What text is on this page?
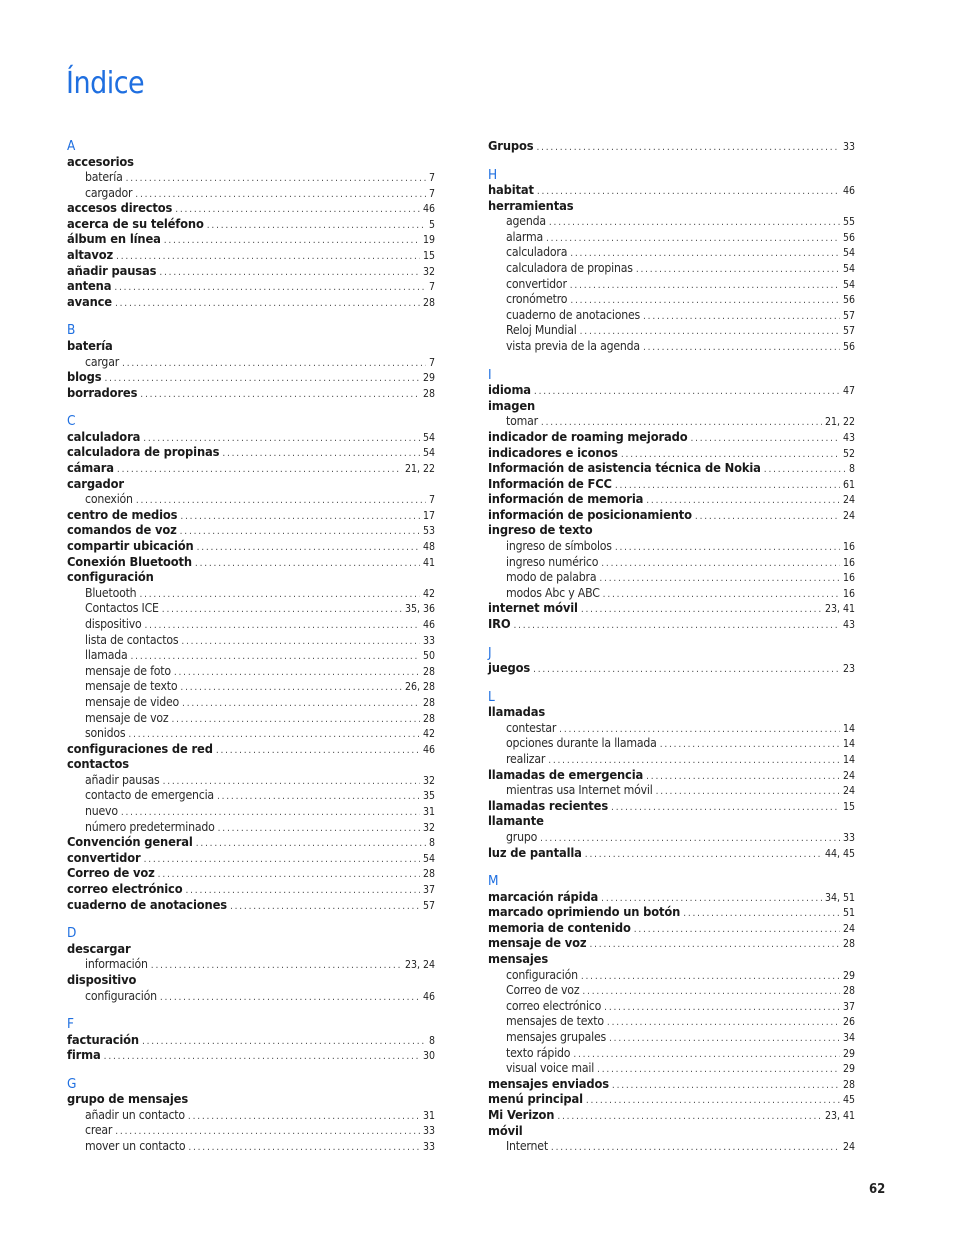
Índice
A
accesorios
batería .....	7
cargador .....	7
accesos directos .....	46
acerca de su teléfono .....	5
álbum en línea .....	19
altavoz .....	15
añadir pausas .....	32
antena .....	7
avance .....	28
B
batería
cargar .....	7
blogs .....	29
borradores .....	28
C
calculadora .....	54
calculadora de propinas .....	54
cámara .....	21, 22
cargador
conexión .....	7
centro de medios .....	17
comandos de voz .....	53
compartir ubicación .....	48
Conexión Bluetooth .....	41
configuración
Bluetooth .....	42
Contactos ICE .....	35, 36
dispositivo .....	46
lista de contactos .....	33
llamada .....	50
mensaje de foto .....	28
mensaje de texto .....	26, 28
mensaje de video .....	28
mensaje de voz .....	28
sonidos .....	42
configuraciones de red .....	46
contactos
añadir pausas .....	32
contacto de emergencia .....	35
nuevo .....	31
número predeterminado .....	32
Convención general .....	8
convertidor .....	54
Correo de voz .....	28
correo electrónico .....	37
cuaderno de anotaciones .....	57
D
descargar
información .....	23, 24
dispositivo
configuración .....	46
F
facturación .....	8
firma .....	30
G
grupo de mensajes
añadir un contacto .....	31
crear .....	33
mover un contacto .....	33
Grupos .....	33
H
habitat .....	46
herramientas
agenda .....	55
alarma .....	56
calculadora .....	54
calculadora de propinas .....	54
convertidor .....	54
cronómetro .....	56
cuaderno de anotaciones .....	57
Reloj Mundial .....	57
vista previa de la agenda .....	56
I
idioma .....	47
imagen
tomar .....	21, 22
indicador de roaming mejorado .....	43
indicadores e iconos .....	52
Información de asistencia técnica de Nokia .....	8
Información de FCC .....	61
información de memoria .....	24
información de posicionamiento .....	24
ingreso de texto
ingreso de símbolos .....	16
ingreso numérico .....	16
modo de palabra .....	16
modos Abc y ABC .....	16
internet móvil .....	23, 41
IRO .....	43
J
juegos .....	23
L
llamadas
contestar .....	14
opciones durante la llamada .....	14
realizar .....	14
llamadas de emergencia .....	24
mientras usa Internet móvil .....	24
llamadas recientes .....	15
llamante
grupo .....	33
luz de pantalla .....	44, 45
M
marcación rápida .....	34, 51
marcado oprimiendo un botón .....	51
memoria de contenido .....	24
mensaje de voz .....	28
mensajes
configuración .....	29
Correo de voz .....	28
correo electrónico .....	37
mensajes de texto .....	26
mensajes grupales .....	34
texto rápido .....	29
visual voice mail .....	29
mensajes enviados .....	28
menú principal .....	45
Mi Verizon .....	23, 41
móvil
Internet .....	24
62
